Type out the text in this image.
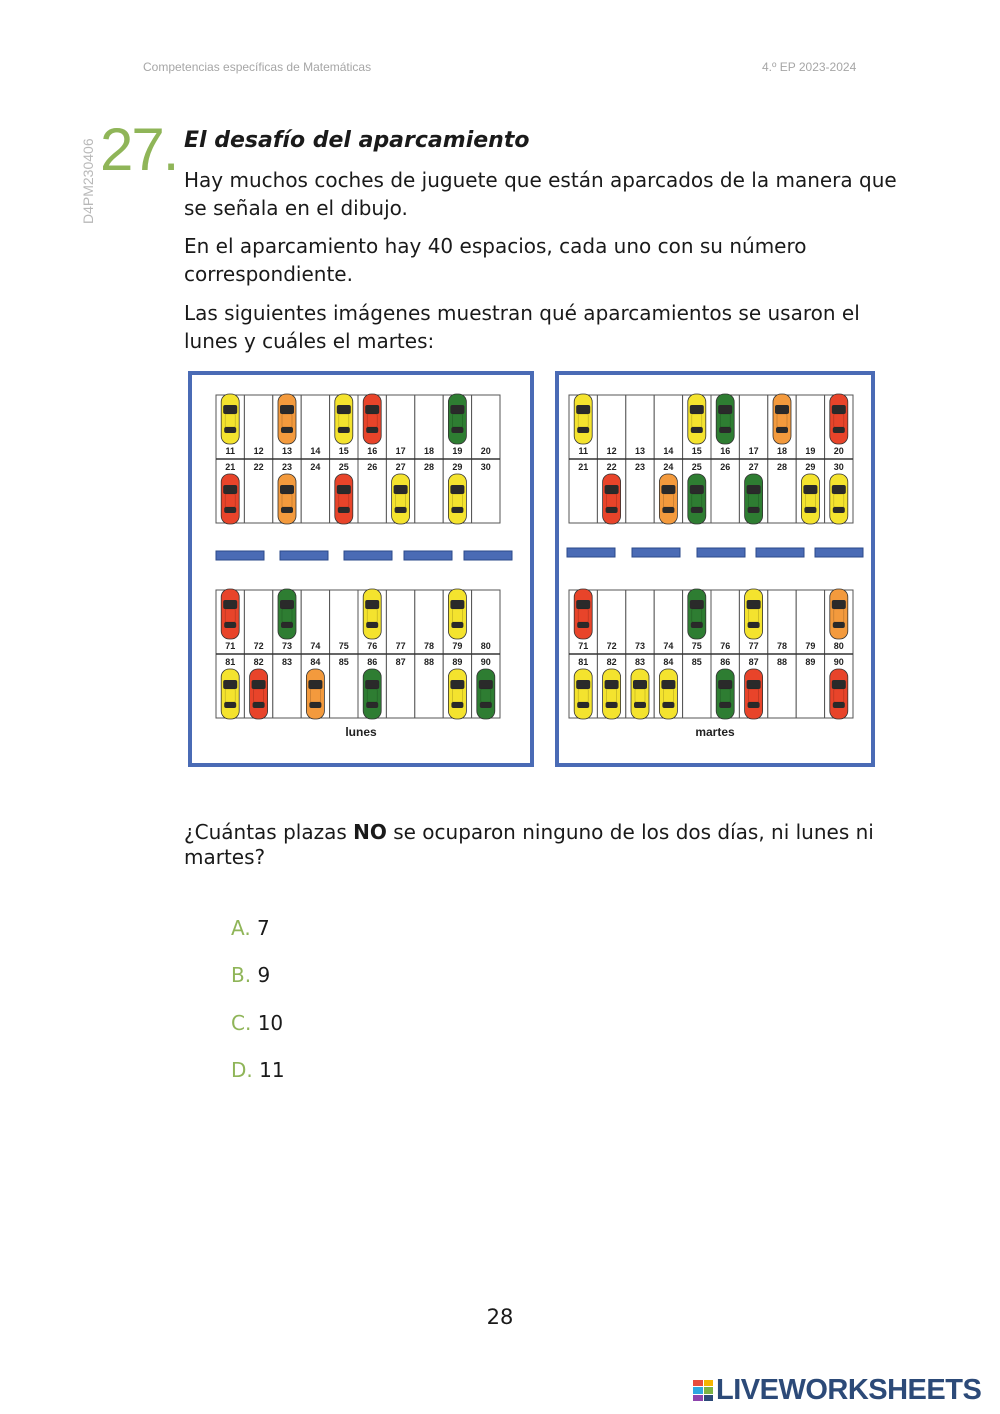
Competencias específicas de Matemáticas	4.º EP 2023-2024
D4PM230406 27. El desafío del aparcamiento

Hay muchos coches de juguete que están aparcados de la manera que se señala en el dibujo.

En el aparcamiento hay 40 espacios, cada uno con su número correspondiente.

Las siguientes imágenes muestran qué aparcamientos se usaron el lunes y cuáles el martes:

11 12 13 14 15 16 17 18 19 20
21 22 23 24 25 26 27 28 29 30
71 72 73 74 75 76 77 78 79 80
81 82 83 84 85 86 87 88 89 90
lunes
11 12 13 14 15 16 17 18 19 20
21 22 23 24 25 26 27 28 29 30
71 72 73 74 75 76 77 78 79 80
81 82 83 84 85 86 87 88 89 90
martes

¿Cuántas plazas NO se ocuparon ninguno de los dos días, ni lunes ni martes?

A. 7
B. 9
C. 10
D. 11
28
LIVEWORKSHEETS
